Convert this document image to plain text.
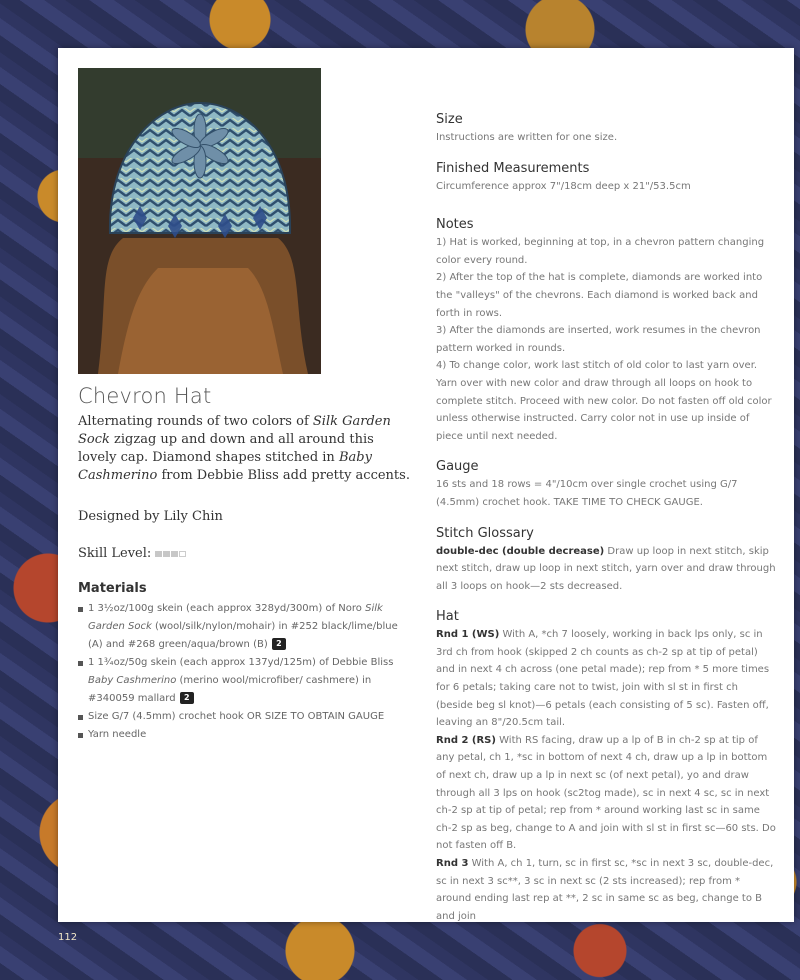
Chevron Hat

Alternating rounds of two colors of Silk Garden Sock zigzag up and down and all around this lovely cap. Diamond shapes stitched in Baby Cashmerino from Debbie Bliss add pretty accents.

Designed by Lily Chin

Skill Level:

Materials
1 3½oz/100g skein (each approx 328yd/300m) of Noro Silk Garden Sock (wool/silk/nylon/mohair) in #252 black/lime/blue (A) and #268 green/aqua/brown (B) 2
1 1¾oz/50g skein (each approx 137yd/125m) of Debbie Bliss Baby Cashmerino (merino wool/microfiber/ cashmere) in #340059 mallard 2
Size G/7 (4.5mm) crochet hook OR SIZE TO OBTAIN GAUGE
Yarn needle
Size

Instructions are written for one size.

Finished Measurements

Circumference approx 7"/18cm deep x 21"/53.5cm

Notes

1) Hat is worked, beginning at top, in a chevron pattern changing color every round.

2) After the top of the hat is complete, diamonds are worked into the "valleys" of the chevrons. Each diamond is worked back and forth in rows.

3) After the diamonds are inserted, work resumes in the chevron pattern worked in rounds.

4) To change color, work last stitch of old color to last yarn over. Yarn over with new color and draw through all loops on hook to complete stitch. Proceed with new color. Do not fasten off old color unless otherwise instructed. Carry color not in use up inside of piece until next needed.

Gauge

16 sts and 18 rows = 4"/10cm over single crochet using G/7 (4.5mm) crochet hook. TAKE TIME TO CHECK GAUGE.

Stitch Glossary

double-dec (double decrease) Draw up loop in next stitch, skip next stitch, draw up loop in next stitch, yarn over and draw through all 3 loops on hook—2 sts decreased.

Hat

Rnd 1 (WS) With A, *ch 7 loosely, working in back lps only, sc in 3rd ch from hook (skipped 2 ch counts as ch-2 sp at tip of petal) and in next 4 ch across (one petal made); rep from * 5 more times for 6 petals; taking care not to twist, join with sl st in first ch (beside beg sl knot)—6 petals (each consisting of 5 sc). Fasten off, leaving an 8"/20.5cm tail.

Rnd 2 (RS) With RS facing, draw up a lp of B in ch-2 sp at tip of any petal, ch 1, *sc in bottom of next 4 ch, draw up a lp in bottom of next ch, draw up a lp in next sc (of next petal), yo and draw through all 3 lps on hook (sc2tog made), sc in next 4 sc, sc in next ch-2 sp at tip of petal; rep from * around working last sc in same ch-2 sp as beg, change to A and join with sl st in first sc—60 sts. Do not fasten off B.

Rnd 3 With A, ch 1, turn, sc in first sc, *sc in next 3 sc, double-dec, sc in next 3 sc**, 3 sc in next sc (2 sts increased); rep from * around ending last rep at **, 2 sc in same sc as beg, change to B and join

112
